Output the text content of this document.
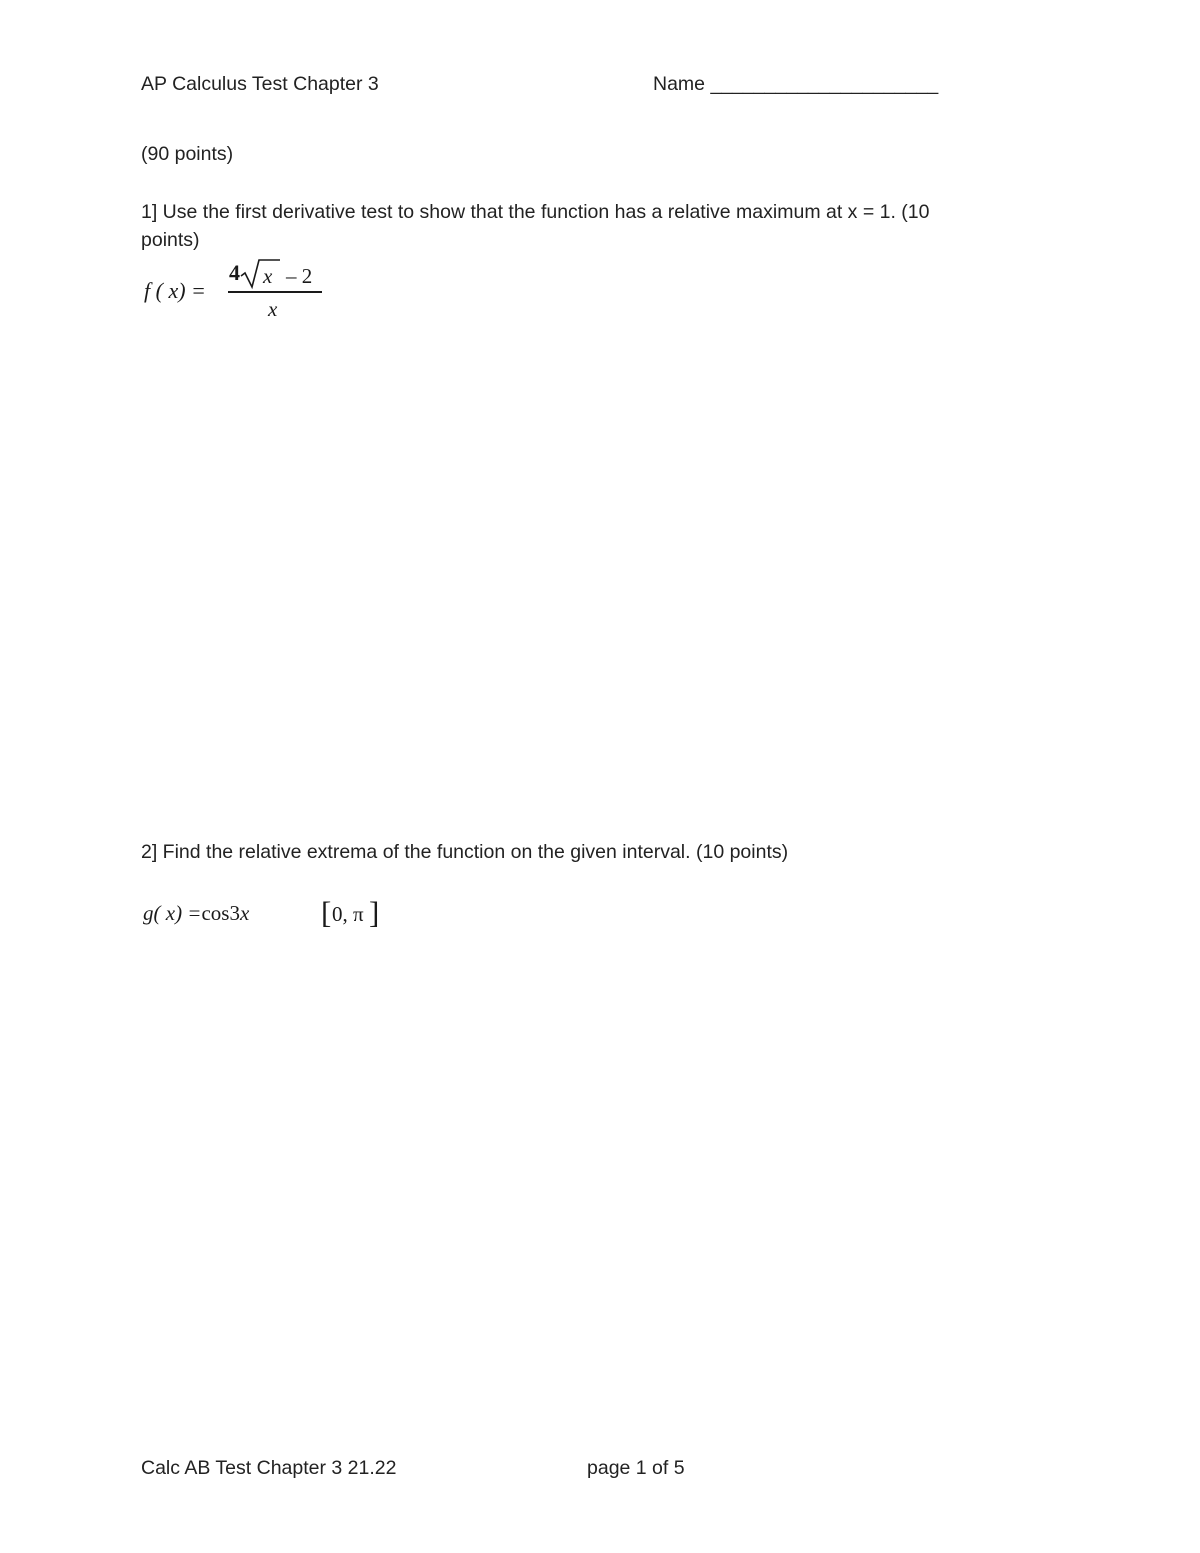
AP Calculus Test Chapter 3	Name _____________________
(90 points)
1] Use the first derivative test to show that the function has a relative maximum at x = 1. (10
points)
f ( x) =
4 x – 2
x
2] Find the relative extrema of the function on the given interval. (10 points)
g( x) =cos3x [ 0, π ]
Calc AB Test Chapter 3 21.22	page 1 of 5
